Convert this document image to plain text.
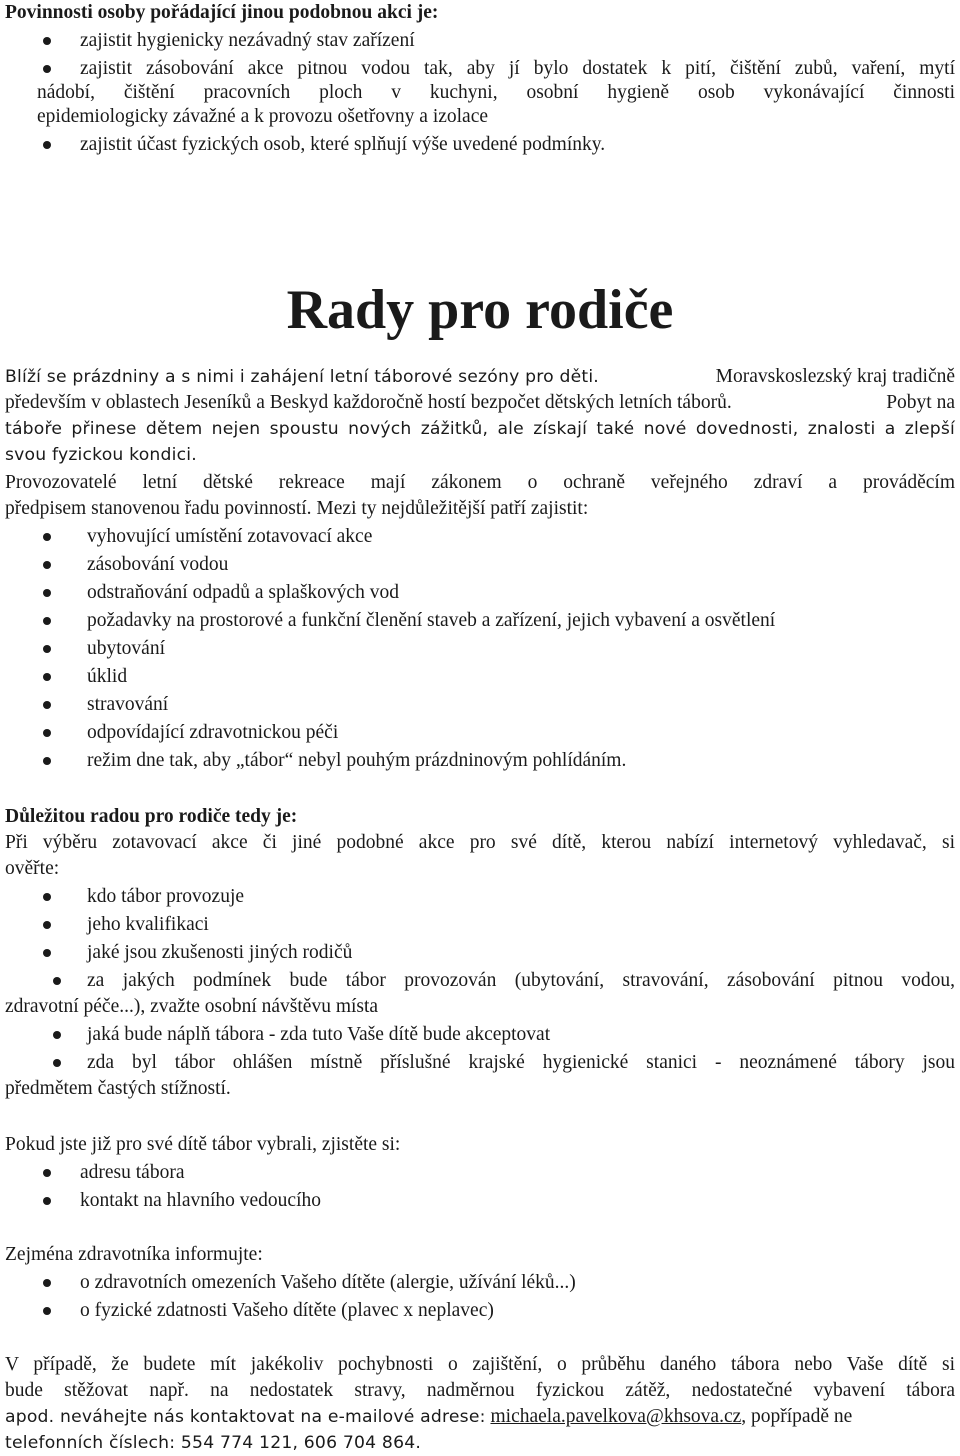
Povinnosti osoby pořádající jinou podobnou akci je:
zajistit hygienicky nezávadný stav zařízení
zajistit zásobování akce pitnou vodou tak, aby jí bylo dostatek k pití, čištění zubů, vaření, mytí
nádobí, čištění pracovních ploch v kuchyni, osobní hygieně osob vykonávající činnosti
epidemiologicky závažné a k provozu ošetřovny a izolace
zajistit účast fyzických osob, které splňují výše uvedené podmínky.
Rady pro rodiče
Blíží se prázdniny a s nimi i zahájení letní táborové sezóny pro děti.	Moravskoslezský kraj tradičně
především v oblastech Jeseníků a Beskyd každoročně hostí bezpočet dětských letních táborů.	Pobyt na
táboře přinese dětem nejen spoustu nových zážitků, ale získají také nové dovednosti, znalosti a zlepší
svou fyzickou kondici.
Provozovatelé letní dětské rekreace mají zákonem o ochraně veřejného zdraví a prováděcím
předpisem stanovenou řadu povinností. Mezi ty nejdůležitější patří zajistit:
vyhovující umístění zotavovací akce
zásobování vodou
odstraňování odpadů a splaškových vod
požadavky na prostorové a funkční členění staveb a zařízení, jejich vybavení a osvětlení
ubytování
úklid
stravování
odpovídající zdravotnickou péči
režim dne tak, aby „tábor“ nebyl pouhým prázdninovým pohlídáním.
Důležitou radou pro rodiče tedy je:
Při výběru zotavovací akce či jiné podobné akce pro své dítě, kterou nabízí internetový vyhledavač, si
ověřte:
kdo tábor provozuje
jeho kvalifikaci
jaké jsou zkušenosti jiných rodičů
za jakých podmínek bude tábor provozován (ubytování, stravování, zásobování pitnou vodou,
zdravotní péče...), zvažte osobní návštěvu místa
jaká bude náplň tábora - zda tuto Vaše dítě bude akceptovat
zda byl tábor ohlášen místně příslušné krajské hygienické stanici - neoznámené tábory jsou
předmětem častých stížností.
Pokud jste již pro své dítě tábor vybrali, zjistěte si:
adresu tábora
kontakt na hlavního vedoucího
Zejména zdravotníka informujte:
o zdravotních omezeních Vašeho dítěte (alergie, užívání léků...)
o fyzické zdatnosti Vašeho dítěte (plavec x neplavec)
V případě, že budete mít jakékoliv pochybnosti o zajištění, o průběhu daného tábora nebo Vaše dítě si
bude stěžovat např. na nedostatek stravy, nadměrnou fyzickou zátěž, nedostatečné vybavení tábora
apod. neváhejte nás kontaktovat na e-mailové adrese: michaela.pavelkova@khsova.cz, popřípadě ne
telefonních číslech: 554 774 121, 606 704 864.
